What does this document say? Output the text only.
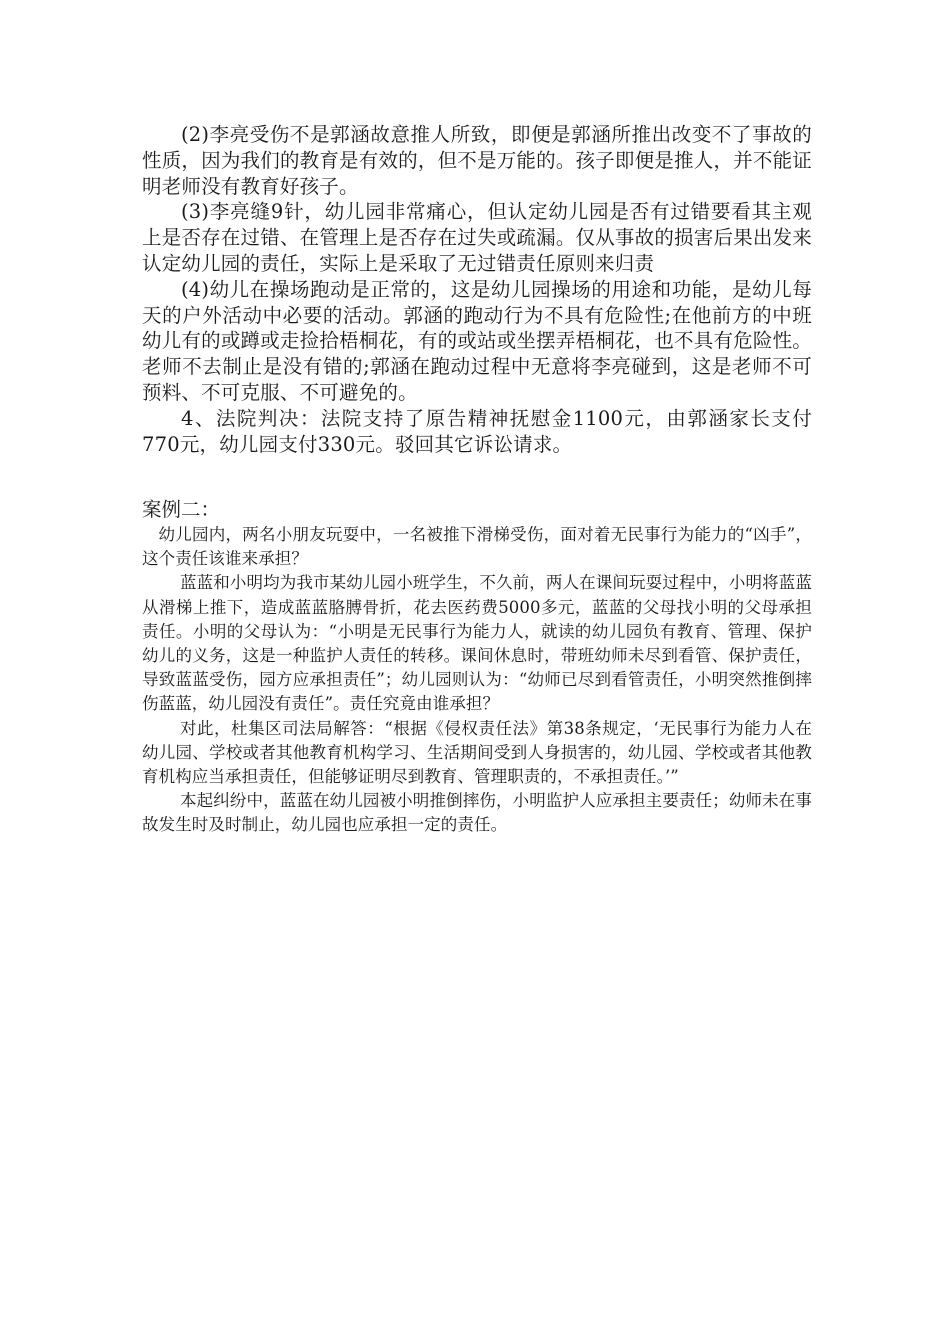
(2)李亮受伤不是郭涵故意推人所致，即便是郭涵所推出改变不了事故的性质，因为我们的教育是有效的，但不是万能的。孩子即便是推人，并不能证明老师没有教育好孩子。

(3)李亮缝9针，幼儿园非常痛心，但认定幼儿园是否有过错要看其主观上是否存在过错、在管理上是否存在过失或疏漏。仅从事故的损害后果出发来认定幼儿园的责任，实际上是采取了无过错责任原则来归责

(4)幼儿在操场跑动是正常的，这是幼儿园操场的用途和功能，是幼儿每天的户外活动中必要的活动。郭涵的跑动行为不具有危险性;在他前方的中班幼儿有的或蹲或走捡拾梧桐花，有的或站或坐摆弄梧桐花，也不具有危险性。老师不去制止是没有错的;郭涵在跑动过程中无意将李亮碰到，这是老师不可预料、不可克服、不可避免的。

4、法院判决：法院支持了原告精神抚慰金1100元，由郭涵家长支付770元，幼儿园支付330元。驳回其它诉讼请求。

案例二：

幼儿园内，两名小朋友玩耍中，一名被推下滑梯受伤，面对着无民事行为能力的“凶手”，这个责任该谁来承担？

蓝蓝和小明均为我市某幼儿园小班学生，不久前，两人在课间玩耍过程中，小明将蓝蓝从滑梯上推下，造成蓝蓝胳膊骨折，花去医药费5000多元，蓝蓝的父母找小明的父母承担责任。小明的父母认为：“小明是无民事行为能力人，就读的幼儿园负有教育、管理、保护幼儿的义务，这是一种监护人责任的转移。课间休息时，带班幼师未尽到看管、保护责任，导致蓝蓝受伤，园方应承担责任”；幼儿园则认为：“幼师已尽到看管责任，小明突然推倒摔伤蓝蓝，幼儿园没有责任”。责任究竟由谁承担？

对此，杜集区司法局解答：“根据《侵权责任法》第38条规定，‘无民事行为能力人在幼儿园、学校或者其他教育机构学习、生活期间受到人身损害的，幼儿园、学校或者其他教育机构应当承担责任，但能够证明尽到教育、管理职责的，不承担责任。’”

本起纠纷中，蓝蓝在幼儿园被小明推倒摔伤，小明监护人应承担主要责任；幼师未在事故发生时及时制止，幼儿园也应承担一定的责任。
